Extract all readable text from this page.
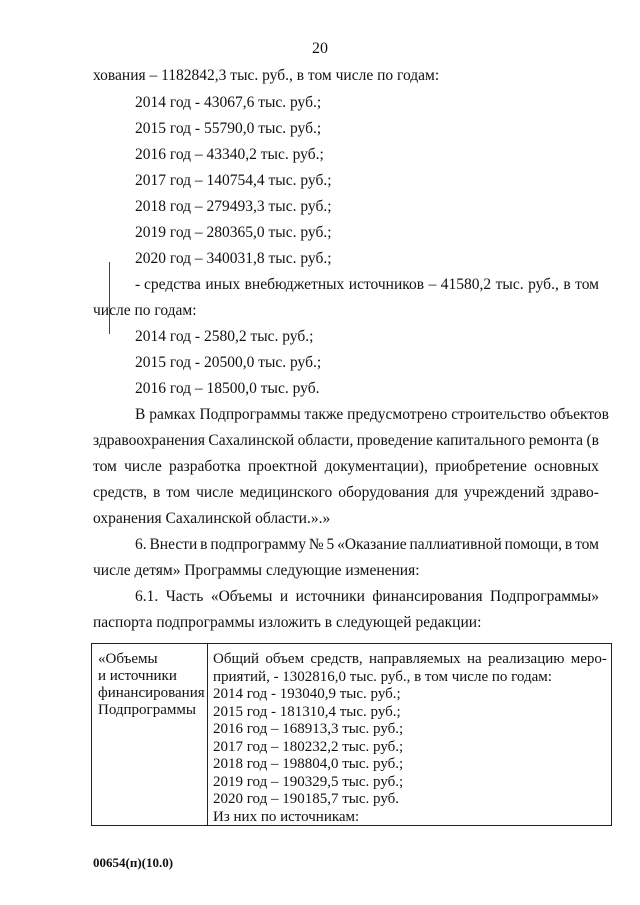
20
хования – 1182842,3 тыс. руб., в том числе по годам:
2014 год - 43067,6 тыс. руб.;
2015 год - 55790,0 тыс. руб.;
2016 год – 43340,2 тыс. руб.;
2017 год – 140754,4 тыс. руб.;
2018 год – 279493,3 тыс. руб.;
2019 год – 280365,0 тыс. руб.;
2020 год – 340031,8 тыс. руб.;
- средства иных внебюджетных источников – 41580,2 тыс. руб., в том
числе по годам:
2014 год - 2580,2 тыс. руб.;
2015 год - 20500,0 тыс. руб.;
2016 год – 18500,0 тыс. руб.
В рамках Подпрограммы также предусмотрено строительство объектов
здравоохранения Сахалинской области, проведение капитального ремонта (в
том числе разработка проектной документации), приобретение основных
средств, в том числе медицинского оборудования для учреждений здраво-
охранения Сахалинской области.».»
6. Внести в подпрограмму № 5 «Оказание паллиативной помощи, в том
числе детям» Программы следующие изменения:
6.1. Часть «Объемы и источники финансирования Подпрограммы»
паспорта подпрограммы изложить в следующей редакции:
«Объемы
и источники
финансирования
Подпрограммы
Общий объем средств, направляемых на реализацию меро-
приятий, - 1302816,0 тыс. руб., в том числе по годам:
2014 год - 193040,9 тыс. руб.;
2015 год - 181310,4 тыс. руб.;
2016 год – 168913,3 тыс. руб.;
2017 год – 180232,2 тыс. руб.;
2018 год – 198804,0 тыс. руб.;
2019 год – 190329,5 тыс. руб.;
2020 год – 190185,7 тыс. руб.
Из них по источникам:
00654(п)(10.0)
